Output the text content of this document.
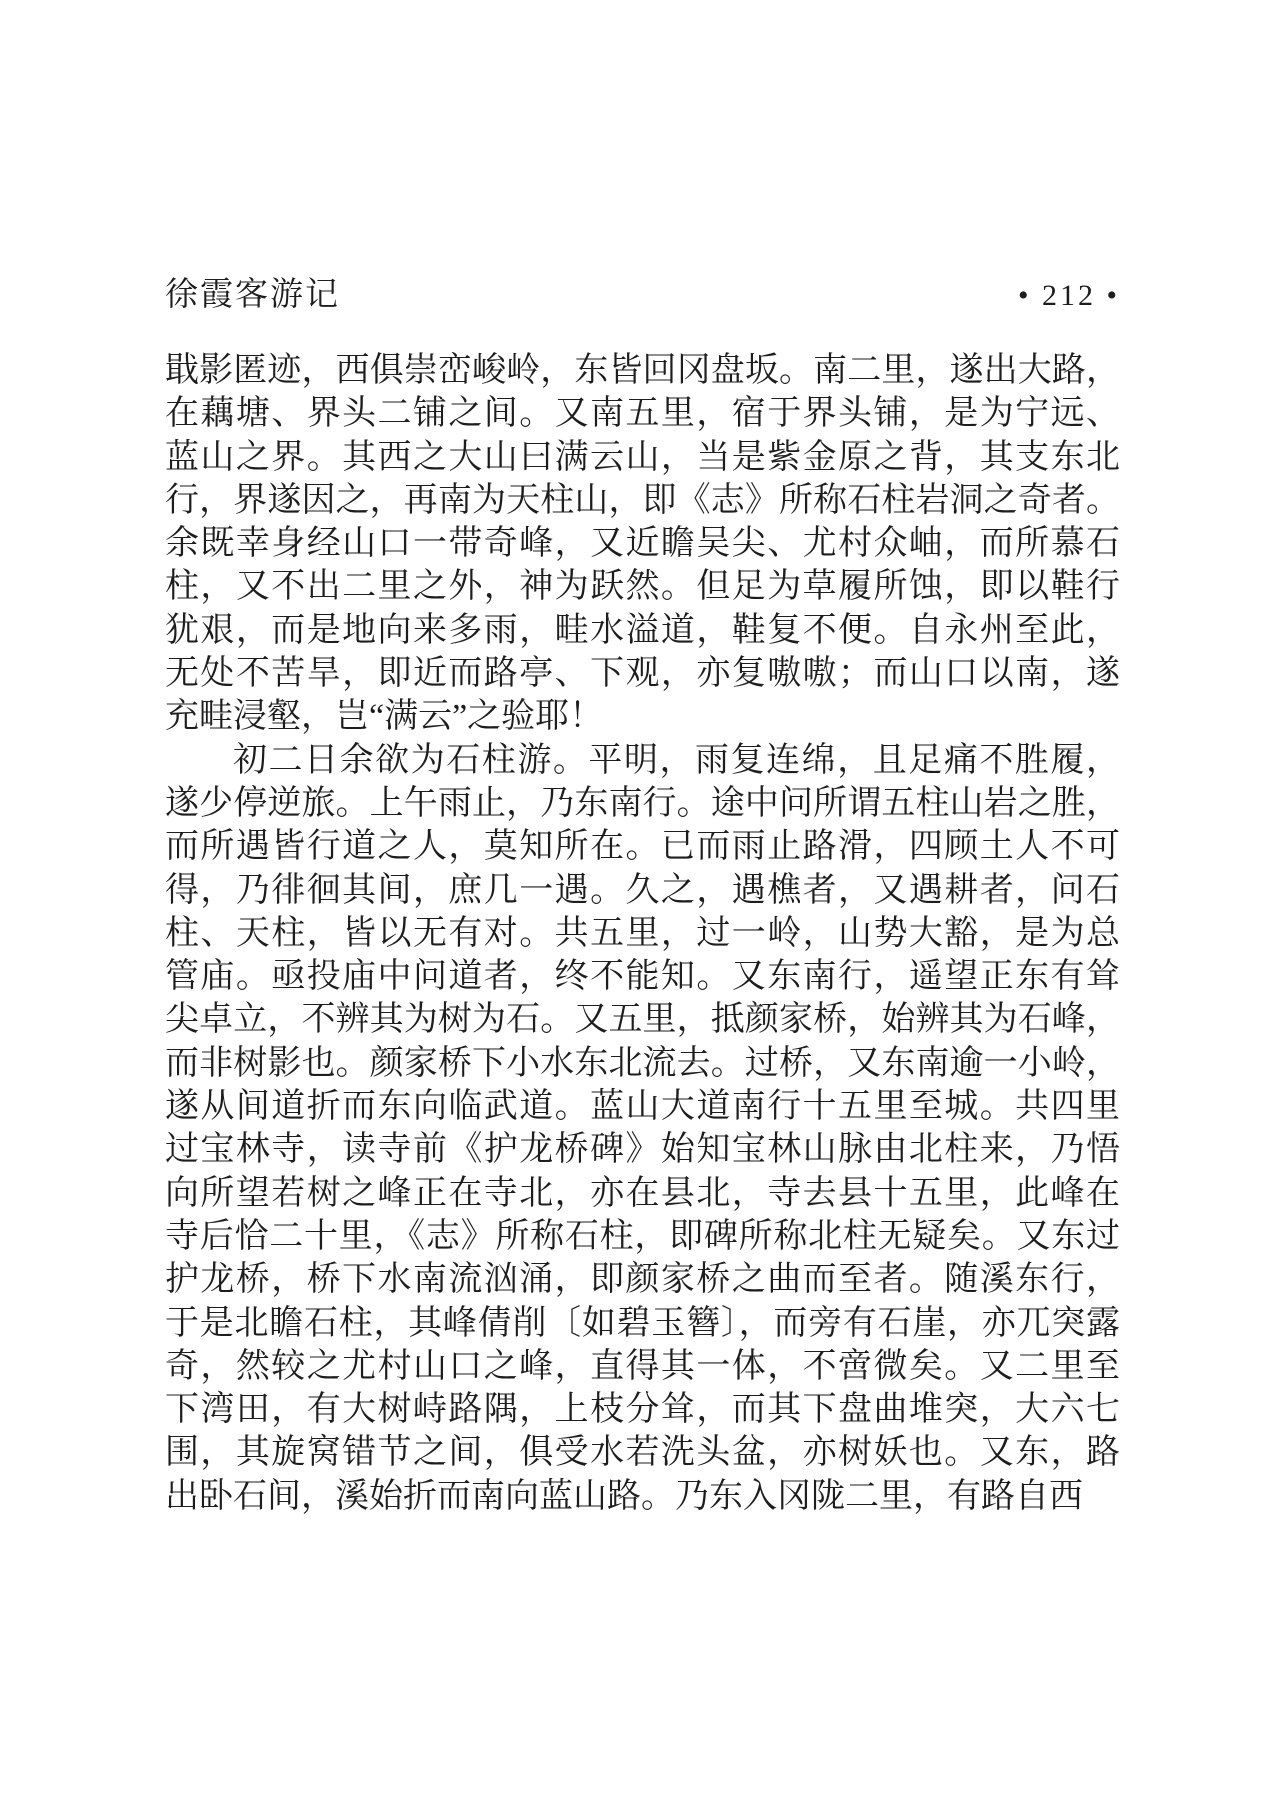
徐霞客游记	• 212 •
戢影匿迹，西俱崇峦峻岭，东皆回冈盘坂。南二里，遂出大路，
在藕塘、界头二铺之间。又南五里，宿于界头铺，是为宁远、
蓝山之界。其西之大山曰满云山，当是紫金原之背，其支东北
行，界遂因之，再南为天柱山，即《志》所称石柱岩洞之奇者。
余既幸身经山口一带奇峰，又近瞻吴尖、尤村众岫，而所慕石
柱，又不出二里之外，神为跃然。但足为草履所蚀，即以鞋行
犹艰，而是地向来多雨，畦水溢道，鞋复不便。自永州至此，
无处不苦旱，即近而路亭、下观，亦复嗷嗷；而山口以南，遂
充畦浸壑，岂“满云”之验耶！
初二日余欲为石柱游。平明，雨复连绵，且足痛不胜履，
遂少停逆旅。上午雨止，乃东南行。途中问所谓五柱山岩之胜，
而所遇皆行道之人，莫知所在。已而雨止路滑，四顾土人不可
得，乃徘徊其间，庶几一遇。久之，遇樵者，又遇耕者，问石
柱、天柱，皆以无有对。共五里，过一岭，山势大豁，是为总
管庙。亟投庙中问道者，终不能知。又东南行，遥望正东有耸
尖卓立，不辨其为树为石。又五里，抵颜家桥，始辨其为石峰，
而非树影也。颜家桥下小水东北流去。过桥，又东南逾一小岭，
遂从间道折而东向临武道。蓝山大道南行十五里至城。共四里
过宝林寺，读寺前《护龙桥碑》始知宝林山脉由北柱来，乃悟
向所望若树之峰正在寺北，亦在县北，寺去县十五里，此峰在
寺后恰二十里，《志》所称石柱，即碑所称北柱无疑矣。又东过
护龙桥，桥下水南流汹涌，即颜家桥之曲而至者。随溪东行，
于是北瞻石柱，其峰倩削〔如碧玉簪〕，而旁有石崖，亦兀突露
奇，然较之尤村山口之峰，直得其一体，不啻微矣。又二里至
下湾田，有大树峙路隅，上枝分耸，而其下盘曲堆突，大六七
围，其旋窝错节之间，俱受水若洗头盆，亦树妖也。又东，路
出卧石间，溪始折而南向蓝山路。乃东入冈陇二里，有路自西
